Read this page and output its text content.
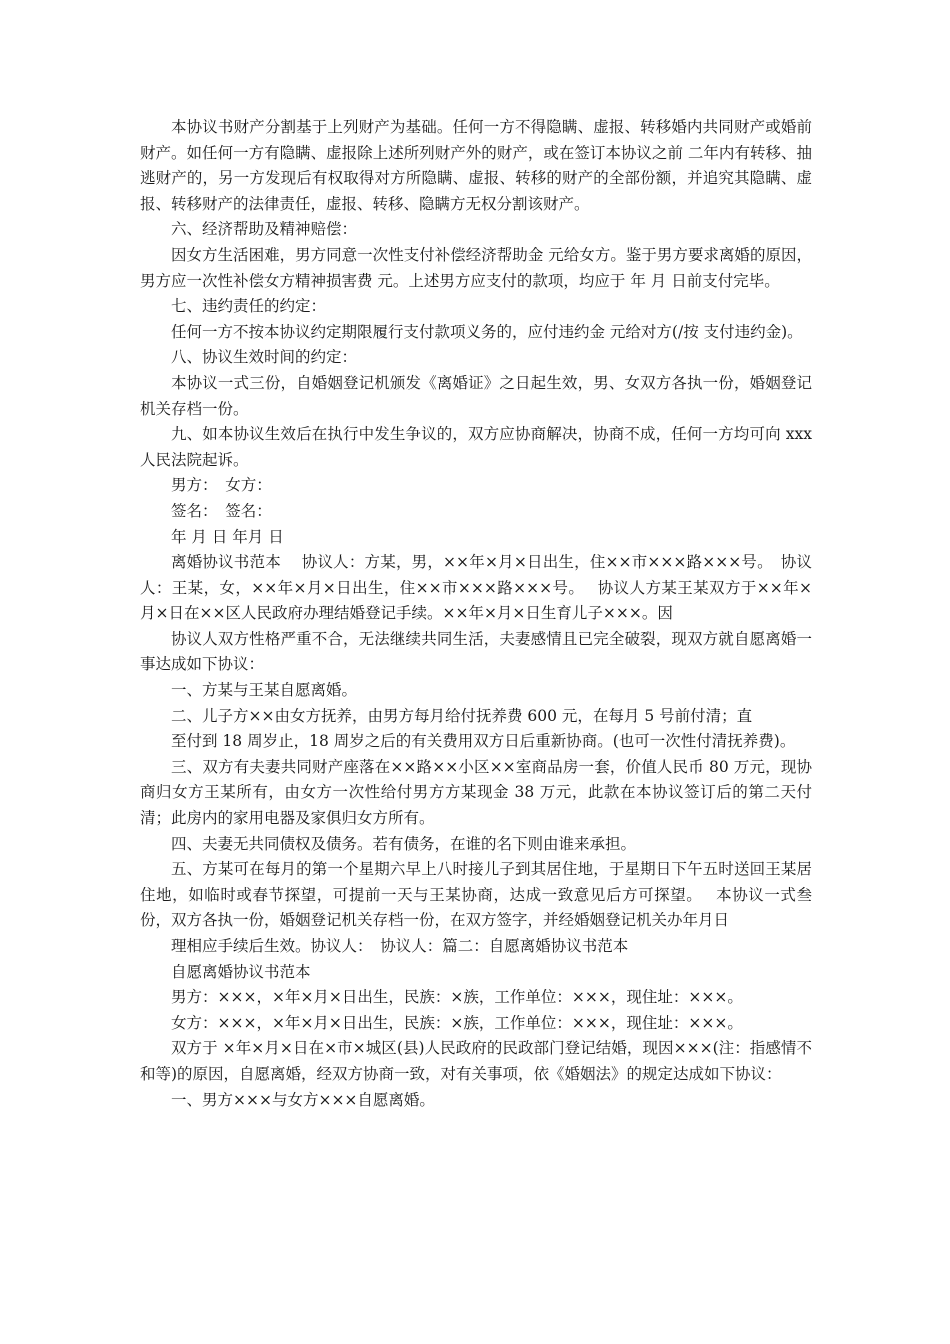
本协议书财产分割基于上列财产为基础。任何一方不得隐瞒、虚报、转移婚内共同财产或婚前财产。如任何一方有隐瞒、虚报除上述所列财产外的财产，或在签订本协议之前 二年内有转移、抽逃财产的，另一方发现后有权取得对方所隐瞒、虚报、转移的财产的全部份额，并追究其隐瞒、虚报、转移财产的法律责任，虚报、转移、隐瞒方无权分割该财产。

六、经济帮助及精神赔偿：

因女方生活困难，男方同意一次性支付补偿经济帮助金 元给女方。鉴于男方要求离婚的原因，男方应一次性补偿女方精神损害费 元。上述男方应支付的款项，均应于 年 月 日前支付完毕。

七、违约责任的约定：

任何一方不按本协议约定期限履行支付款项义务的，应付违约金 元给对方(/按 支付违约金)。

八、协议生效时间的约定：

本协议一式三份，自婚姻登记机颁发《离婚证》之日起生效，男、女双方各执一份，婚姻登记机关存档一份。

九、如本协议生效后在执行中发生争议的，双方应协商解决，协商不成，任何一方均可向 xxx 人民法院起诉。

男方：　女方：

签名：　签名：

年 月 日 年月 日

离婚协议书范本　 协议人：方某，男，××年×月×日出生，住××市×××路×××号。　协议人：王某，女，××年×月×日出生，住××市×××路×××号。　 协议人方某王某双方于××年×月×日在××区人民政府办理结婚登记手续。××年×月×日生育儿子×××。因

协议人双方性格严重不合，无法继续共同生活，夫妻感情且已完全破裂，现双方就自愿离婚一事达成如下协议：

一、方某与王某自愿离婚。

二、儿子方××由女方抚养，由男方每月给付抚养费 600 元，在每月 5 号前付清；直

至付到 18 周岁止，18 周岁之后的有关费用双方日后重新协商。(也可一次性付清抚养费)。

三、双方有夫妻共同财产座落在××路××小区××室商品房一套，价值人民币 80 万元，现协商归女方王某所有，由女方一次性给付男方方某现金 38 万元，此款在本协议签订后的第二天付清；此房内的家用电器及家俱归女方所有。

四、夫妻无共同债权及债务。若有债务，在谁的名下则由谁来承担。

五、方某可在每月的第一个星期六早上八时接儿子到其居住地，于星期日下午五时送回王某居住地，如临时或春节探望，可提前一天与王某协商，达成一致意见后方可探望。　 本协议一式叁份，双方各执一份，婚姻登记机关存档一份，在双方签字，并经婚姻登记机关办年月日

理相应手续后生效。协议人：　协议人：篇二：自愿离婚协议书范本

自愿离婚协议书范本

男方：×××，×年×月×日出生，民族：×族，工作单位：×××，现住址：×××。

女方：×××，×年×月×日出生，民族：×族，工作单位：×××，现住址：×××。

双方于 ×年×月×日在×市×城区(县)人民政府的民政部门登记结婚，现因×××(注：指感情不和等)的原因，自愿离婚，经双方协商一致，对有关事项，依《婚姻法》的规定达成如下协议：

一、男方×××与女方×××自愿离婚。
